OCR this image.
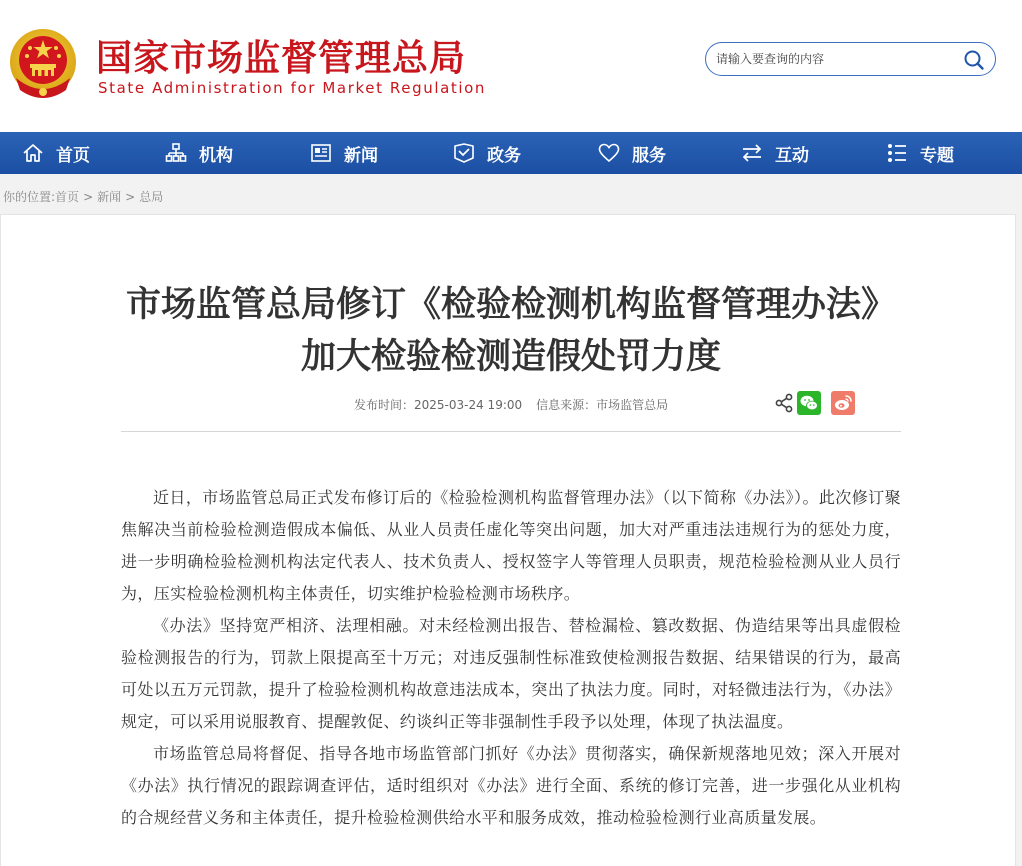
国家市场监督管理总局
State Administration for Market Regulation
请输入要查询的内容
首页	机构	新闻	政务	服务	互动	专题
你的位置:首页 > 新闻 > 总局
市场监管总局修订《检验检测机构监督管理办法》加大检验检测造假处罚力度
发布时间：2025-03-24 19:00 信息来源：市场监管总局

近日，市场监管总局正式发布修订后的《检验检测机构监督管理办法》（以下简称《办法》）。此次修订聚焦解决当前检验检测造假成本偏低、从业人员责任虚化等突出问题，加大对严重违法违规行为的惩处力度，进一步明确检验检测机构法定代表人、技术负责人、授权签字人等管理人员职责，规范检验检测从业人员行为，压实检验检测机构主体责任，切实维护检验检测市场秩序。

《办法》坚持宽严相济、法理相融。对未经检测出报告、替检漏检、篡改数据、伪造结果等出具虚假检验检测报告的行为，罚款上限提高至十万元；对违反强制性标准致使检测报告数据、结果错误的行为，最高可处以五万元罚款，提升了检验检测机构故意违法成本，突出了执法力度。同时，对轻微违法行为，《办法》规定，可以采用说服教育、提醒敦促、约谈纠正等非强制性手段予以处理，体现了执法温度。

市场监管总局将督促、指导各地市场监管部门抓好《办法》贯彻落实，确保新规落地见效；深入开展对《办法》执行情况的跟踪调查评估，适时组织对《办法》进行全面、系统的修订完善，进一步强化从业机构的合规经营义务和主体责任，提升检验检测供给水平和服务成效，推动检验检测行业高质量发展。
